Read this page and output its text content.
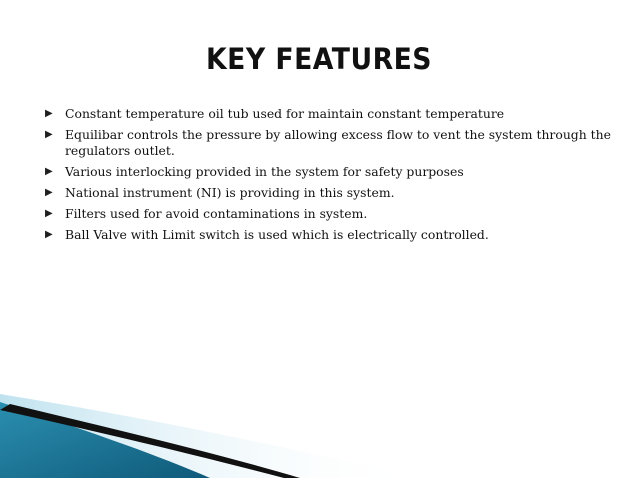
KEY FEATURES
▶ Constant temperature oil tub used for maintain constant temperature
▶ Equilibar controls the pressure by allowing excess flow to vent the system through the regulators outlet.
▶ Various interlocking provided in the system for safety purposes
▶ National instrument (NI) is providing in this system.
▶ Filters used for avoid contaminations in system.
▶ Ball Valve with Limit switch is used which is electrically controlled.
